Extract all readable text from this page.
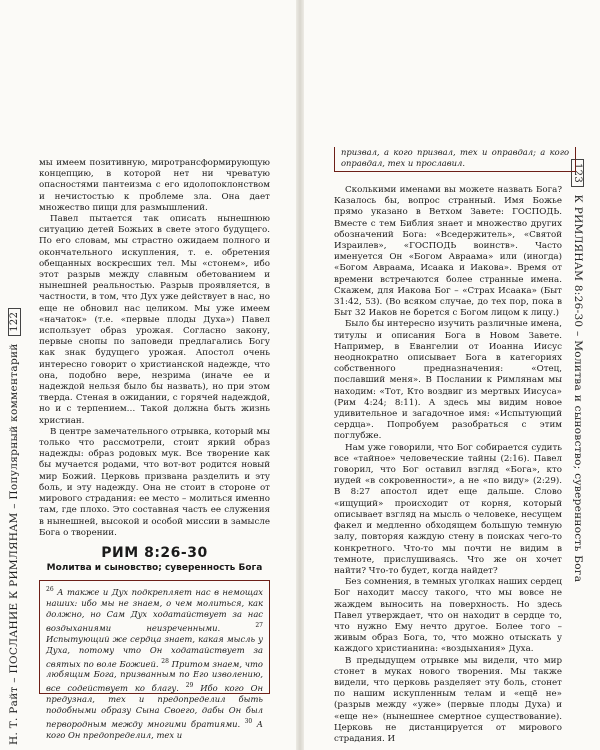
Н. Т. Райт – ПОСЛАНИЕ К РИМЛЯНАМ – Популярный комментарий 122
123 К РИМЛЯНАМ 8:26-30 – Молитва и сыновство; суверенность Бога

мы имеем позитивную, миротрансформирующую концепцию, в которой нет ни чреватую опасностями пантеизма с его идолопоклонством и нечистостью к проблеме зла. Она дает множество пищи для размышлений.

Павел пытается так описать нынешнюю ситуацию детей Божьих в свете этого будущего. По его словам, мы страстно ожидаем полного и окончательного искупления, т. е. обретения обещанных воскресших тел. Мы «стонем», ибо этот разрыв между славным обетованием и нынешней реальностью. Разрыв проявляется, в частности, в том, что Дух уже действует в нас, но еще не обновил нас целиком. Мы уже имеем «начаток» (т.е. «первые плоды Духа») Павел использует образ урожая. Согласно закону, первые снопы по заповеди предлагались Богу как знак будущего урожая. Апостол очень интересно говорит о христианской надежде, что она, подобно вере, незрима (иначе ее и надеждой нельзя было бы назвать), но при этом тверда. Стеная в ожидании, с горячей надеждой, но и с терпением… Такой должна быть жизнь христиан.

В центре замечательного отрывка, который мы только что рассмотрели, стоит яркий образ надежды: образ родовых мук. Все творение как бы мучается родами, что вот-вот родится новый мир Божий. Церковь призвана разделить и эту боль, и эту надежду. Она не стоит в стороне от мирового страдания: ее место – молиться именно там, где плохо. Это составная часть ее служения в нынешней, высокой и особой миссии в замысле Бога о творении.

РИМ 8:26-30
Молитва и сыновство; суверенность Бога
$^{26}$ А также и Дух подкрепляет нас в немощах наших: ибо мы не знаем, о чем молиться, как должно, но Сам Дух ходатайствует за нас воздыханиями неизреченными.	$^{27}$ Испытующий же сердца знает, какая мысль у Духа, потому что Он ходатайствует за святых по воле Божией. $^{28}$ Притом знаем, что любящим Бога, призванным по Его изволению, все содействует ко благу. $^{29}$ Ибо кого Он предузнал, тех и предопределил быть подобными образу Сына Своего, дабы Он был первородным между многими братиями. $^{30}$ А кого Он предопределил, тех и
призвал, а кого призвал, тех и оправдал; а кого оправдал, тех и прославил.

Сколькими именами вы можете назвать Бога? Казалось бы, вопрос странный. Имя Божье прямо указано в Ветхом Завете: ГОСПОДЬ. Вместе с тем Библия знает и множество других обозначений Бога: «Вседержитель», «Святой Израилев», «ГОСПОДЬ воинств». Часто именуется Он «Богом Авраама» или (иногда) «Богом Авраама, Исаака и Иакова». Время от времени встречаются более странные имена. Скажем, для Иакова Бог – «Страх Исаака» (Быт 31:42, 53). (Во всяком случае, до тех пор, пока в Быт 32 Иаков не борется с Богом лицом к лицу.)

Было бы интересно изучить различные имена, титулы и описания Бога в Новом Завете. Например, в Евангелии от Иоанна Иисус неоднократно описывает Бога в категориях собственного предназначения: «Отец, пославший меня». В Послании к Римлянам мы находим: «Тот, Кто воздвиг из мертвых Иисуса» (Рим 4:24; 8:11). А здесь мы видим новое удивительное и загадочное имя: «Испытующий сердца». Попробуем разобраться с этим поглубже.

Нам уже говорили, что Бог собирается судить все «тайное» человеческие тайны (2:16). Павел говорил, что Бог оставил взгляд «Бога», кто иудей «в сокровенности», а не «по виду» (2:29). В 8:27 апостол идет еще дальше. Слово «ищущий» происходит от корня, который описывает взгляд на мысль о человеке, несущем факел и медленно обходящем большую темную залу, повторяя каждую стену в поисках чего-то конкретного. Что-то мы почти не видим в темноте, прислушиваясь. Что же он хочет найти? Что-то будет, когда найдет?

Без сомнения, в темных уголках наших сердец Бог находит массу такого, что мы вовсе не жаждем выносить на поверхность. Но здесь Павел утверждает, что он находит в сердце то, что нужно Ему нечто другое. Более того – живым образ Бога, то, что можно отыскать у каждого христианина: «воздыхания» Духа.

В предыдущем отрывке мы видели, что мир стонет в муках нового творения. Мы также видели, что церковь разделяет эту боль, стонет по нашим искупленным телам и «ещё не» (разрыв между «уже» (первые плоды Духа) и «еще не» (нынешнее смертное существование). Церковь не дистанцируется от мирового страдания. И
